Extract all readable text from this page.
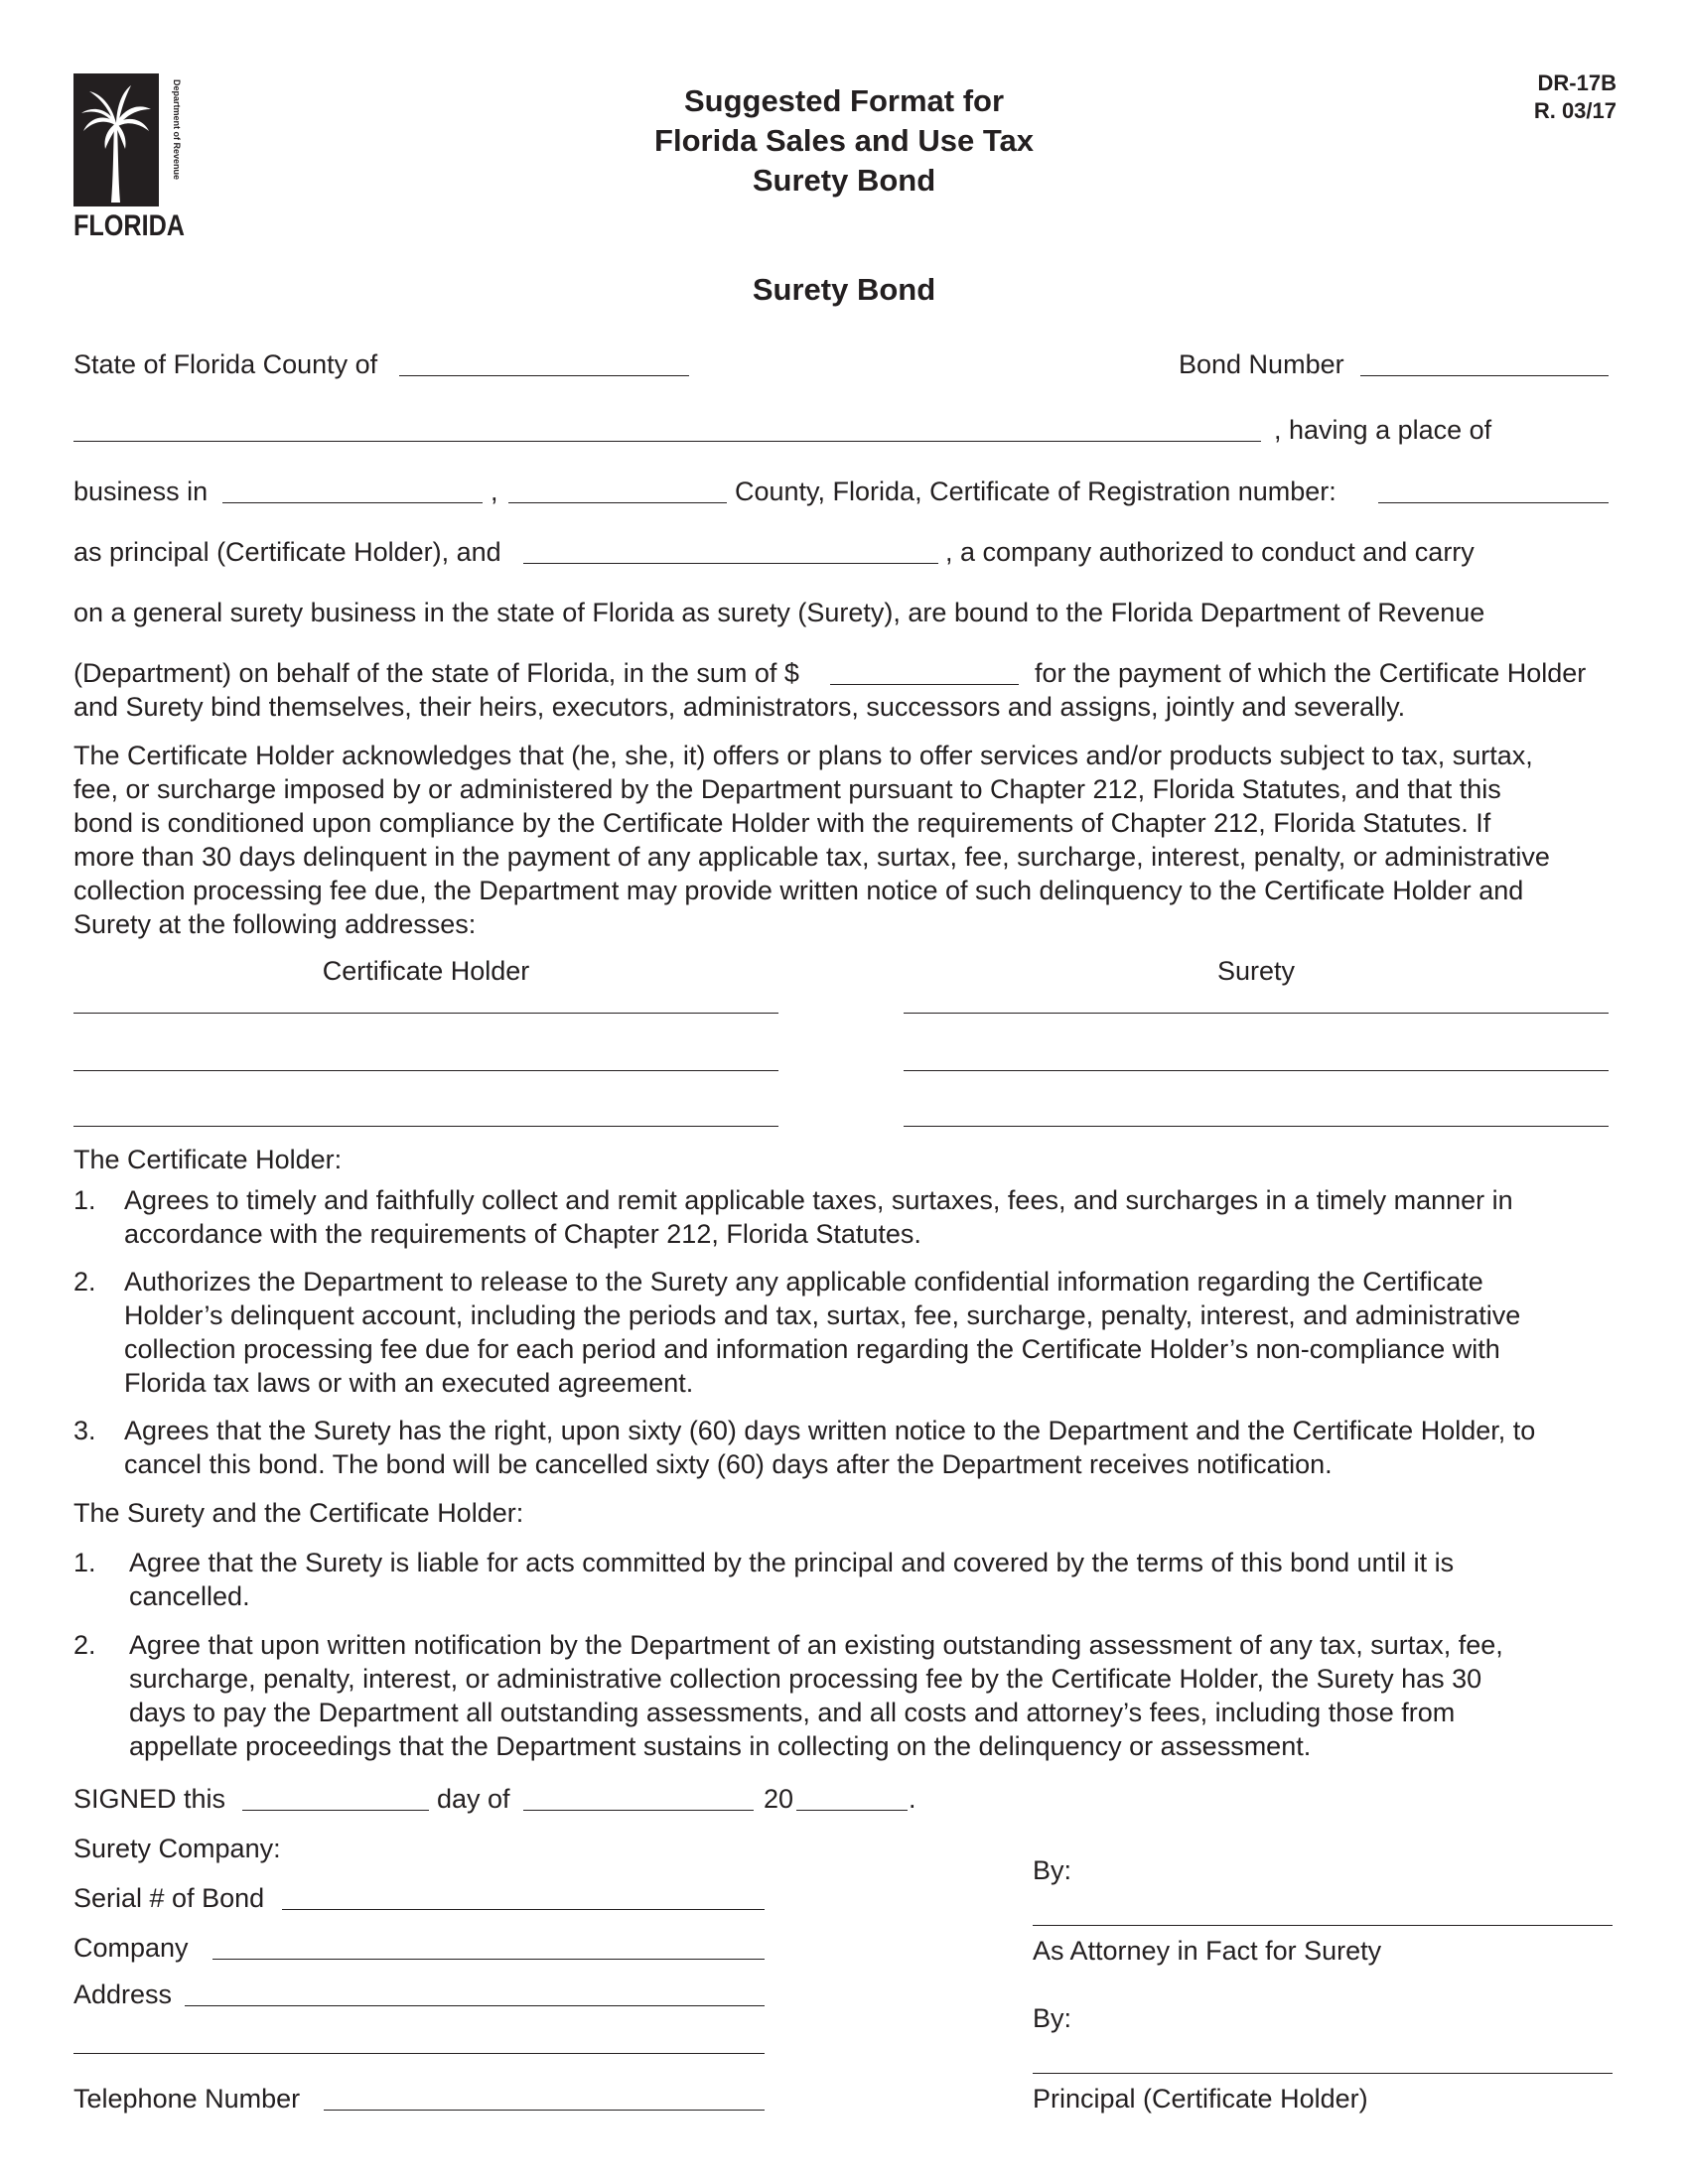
FLORIDA
Department of Revenue	Suggested Format for
Florida Sales and Use Tax
Surety Bond
DR-17B
R. 03/17
Surety Bond
State of Florida County of	Bond Number
, having a place of
business in	,	County, Florida, Certificate of Registration number:
as principal (Certificate Holder), and	, a company authorized to conduct and carry
on a general surety business in the state of Florida as surety (Surety), are bound to the Florida Department of Revenue
(Department) on behalf of the state of Florida, in the sum of $	for the payment of which the Certificate Holder
and Surety bind themselves, their heirs, executors, administrators, successors and assigns, jointly and severally.
The Certificate Holder acknowledges that (he, she, it) offers or plans to offer services and/or products subject to tax, surtax,
fee, or surcharge imposed by or administered by the Department pursuant to Chapter 212, Florida Statutes, and that this
bond is conditioned upon compliance by the Certificate Holder with the requirements of Chapter 212, Florida Statutes. If
more than 30 days delinquent in the payment of any applicable tax, surtax, fee, surcharge, interest, penalty, or administrative
collection processing fee due, the Department may provide written notice of such delinquency to the Certificate Holder and
Surety at the following addresses:
Certificate Holder	Surety
The Certificate Holder:
1. Agrees to timely and faithfully collect and remit applicable taxes, surtaxes, fees, and surcharges in a timely manner in
accordance with the requirements of Chapter 212, Florida Statutes.
2. Authorizes the Department to release to the Surety any applicable confidential information regarding the Certificate
Holder’s delinquent account, including the periods and tax, surtax, fee, surcharge, penalty, interest, and administrative
collection processing fee due for each period and information regarding the Certificate Holder’s non-compliance with
Florida tax laws or with an executed agreement.
3. Agrees that the Surety has the right, upon sixty (60) days written notice to the Department and the Certificate Holder, to
cancel this bond. The bond will be cancelled sixty (60) days after the Department receives notification.
The Surety and the Certificate Holder:
1. Agree that the Surety is liable for acts committed by the principal and covered by the terms of this bond until it is
cancelled.
2. Agree that upon written notification by the Department of an existing outstanding assessment of any tax, surtax, fee,
surcharge, penalty, interest, or administrative collection processing fee by the Certificate Holder, the Surety has 30
days to pay the Department all outstanding assessments, and all costs and attorney’s fees, including those from
appellate proceedings that the Department sustains in collecting on the delinquency or assessment.
SIGNED this	day of	20	.
Surety Company:
Serial # of Bond
Company
Address
Telephone Number
By:
As Attorney in Fact for Surety
By:
Principal (Certificate Holder)
